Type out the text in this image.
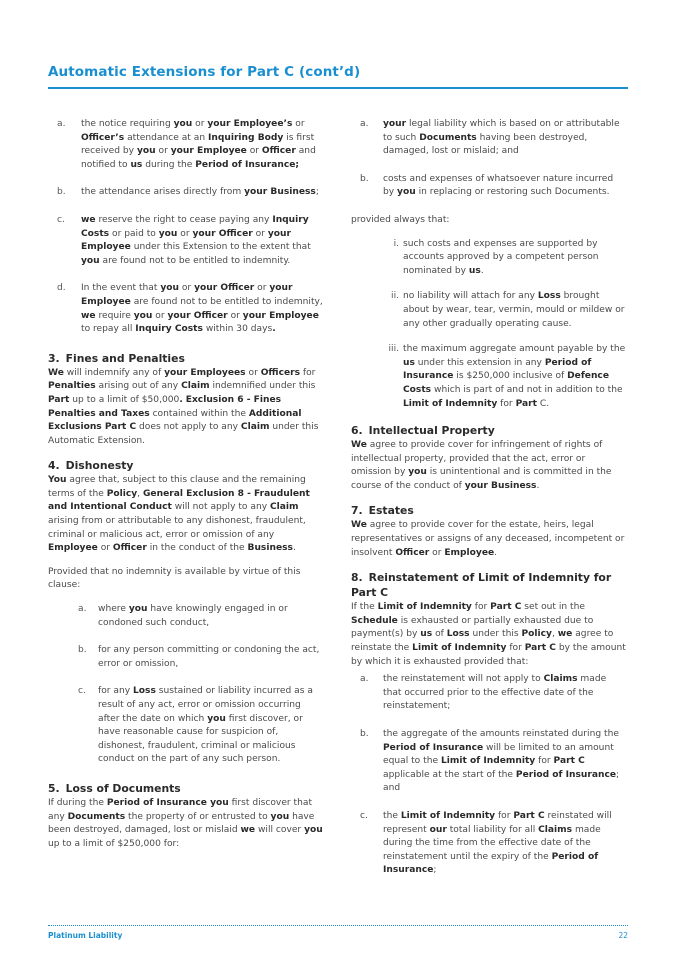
Automatic Extensions for Part C (cont’d)
a. the notice requiring you or your Employee’s or Officer’s attendance at an Inquiring Body is first received by you or your Employee or Officer and notified to us during the Period of Insurance;
b. the attendance arises directly from your Business;
c. we reserve the right to cease paying any Inquiry Costs or paid to you or your Officer or your Employee under this Extension to the extent that you are found not to be entitled to indemnity.
d. In the event that you or your Officer or your Employee are found not to be entitled to indemnity, we require you or your Officer or your Employee to repay all Inquiry Costs within 30 days.
3. Fines and Penalties

We will indemnify any of your Employees or Officers for Penalties arising out of any Claim indemnified under this Part up to a limit of $50,000. Exclusion 6 - Fines Penalties and Taxes contained within the Additional Exclusions Part C does not apply to any Claim under this Automatic Extension.

4. Dishonesty

You agree that, subject to this clause and the remaining terms of the Policy, General Exclusion 8 - Fraudulent and Intentional Conduct will not apply to any Claim arising from or attributable to any dishonest, fraudulent, criminal or malicious act, error or omission of any Employee or Officer in the conduct of the Business.

Provided that no indemnity is available by virtue of this clause:

a. where you have knowingly engaged in or condoned such conduct,
b. for any person committing or condoning the act, error or omission,
c. for any Loss sustained or liability incurred as a result of any act, error or omission occurring after the date on which you first discover, or have reasonable cause for suspicion of, dishonest, fraudulent, criminal or malicious conduct on the part of any such person.
5. Loss of Documents

If during the Period of Insurance you first discover that any Documents the property of or entrusted to you have been destroyed, damaged, lost or mislaid we will cover you up to a limit of $250,000 for:

a. your legal liability which is based on or attributable to such Documents having been destroyed, damaged, lost or mislaid; and
b. costs and expenses of whatsoever nature incurred by you in replacing or restoring such Documents.

provided always that:

i. such costs and expenses are supported by accounts approved by a competent person nominated by us.
ii. no liability will attach for any Loss brought about by wear, tear, vermin, mould or mildew or any other gradually operating cause.
iii. the maximum aggregate amount payable by the us under this extension in any Period of Insurance is $250,000 inclusive of Defence Costs which is part of and not in addition to the Limit of Indemnity for Part C.
6. Intellectual Property

We agree to provide cover for infringement of rights of intellectual property, provided that the act, error or omission by you is unintentional and is committed in the course of the conduct of your Business.

7. Estates

We agree to provide cover for the estate, heirs, legal representatives or assigns of any deceased, incompetent or insolvent Officer or Employee.

8. Reinstatement of Limit of Indemnity for Part C

If the Limit of Indemnity for Part C set out in the Schedule is exhausted or partially exhausted due to payment(s) by us of Loss under this Policy, we agree to reinstate the Limit of Indemnity for Part C by the amount by which it is exhausted provided that:

a. the reinstatement will not apply to Claims made that occurred prior to the effective date of the reinstatement;
b. the aggregate of the amounts reinstated during the Period of Insurance will be limited to an amount equal to the Limit of Indemnity for Part C applicable at the start of the Period of Insurance; and
c. the Limit of Indemnity for Part C reinstated will represent our total liability for all Claims made during the time from the effective date of the reinstatement until the expiry of the Period of Insurance;
Platinum Liability	22
